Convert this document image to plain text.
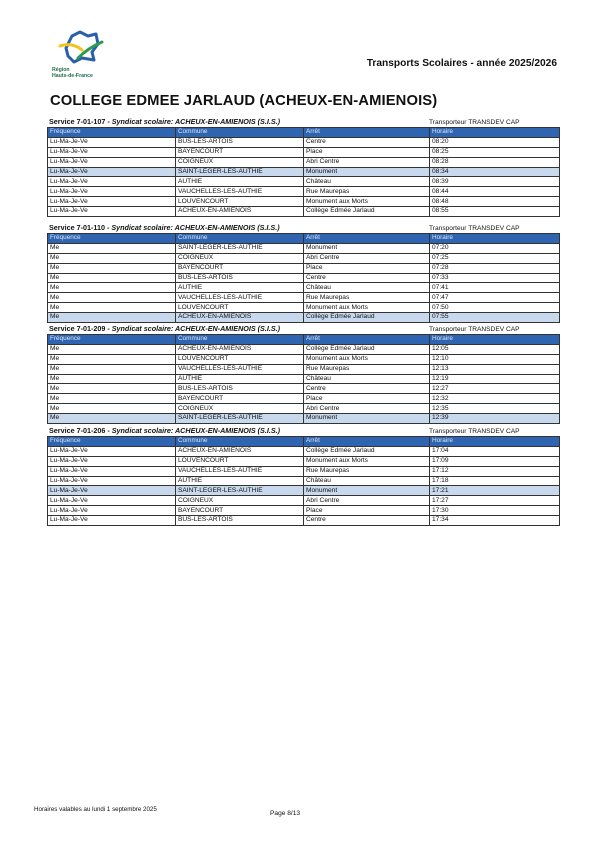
Région
Hauts-de-France
Transports Scolaires - année 2025/2026
COLLEGE EDMEE JARLAUD (ACHEUX-EN-AMIENOIS)
Service 7-01-107 - Syndicat scolaire: ACHEUX-EN-AMIENOIS (S.I.S.)	Transporteur TRANSDEV CAP
Fréquence	Commune	Arrêt	Horaire
Lu-Ma-Je-Ve	BUS-LES-ARTOIS	Centre	08:20
Lu-Ma-Je-Ve	BAYENCOURT	Place	08:25
Lu-Ma-Je-Ve	COIGNEUX	Abri Centre	08:28
Lu-Ma-Je-Ve	SAINT-LEGER-LES-AUTHIE	Monument	08:34
Lu-Ma-Je-Ve	AUTHIE	Château	08:39
Lu-Ma-Je-Ve	VAUCHELLES-LES-AUTHIE	Rue Maurepas	08:44
Lu-Ma-Je-Ve	LOUVENCOURT	Monument aux Morts	08:48
Lu-Ma-Je-Ve	ACHEUX-EN-AMIENOIS	Collège Edmée Jarlaud	08:55
Service 7-01-110 - Syndicat scolaire: ACHEUX-EN-AMIENOIS (S.I.S.)	Transporteur TRANSDEV CAP
Fréquence	Commune	Arrêt	Horaire
Me	SAINT-LEGER-LES-AUTHIE	Monument	07:20
Me	COIGNEUX	Abri Centre	07:25
Me	BAYENCOURT	Place	07:28
Me	BUS-LES-ARTOIS	Centre	07:33
Me	AUTHIE	Château	07:41
Me	VAUCHELLES-LES-AUTHIE	Rue Maurepas	07:47
Me	LOUVENCOURT	Monument aux Morts	07:50
Me	ACHEUX-EN-AMIENOIS	Collège Edmée Jarlaud	07:55
Service 7-01-209 - Syndicat scolaire: ACHEUX-EN-AMIENOIS (S.I.S.)	Transporteur TRANSDEV CAP
Fréquence	Commune	Arrêt	Horaire
Me	ACHEUX-EN-AMIENOIS	Collège Edmée Jarlaud	12:05
Me	LOUVENCOURT	Monument aux Morts	12:10
Me	VAUCHELLES-LES-AUTHIE	Rue Maurepas	12:13
Me	AUTHIE	Château	12:19
Me	BUS-LES-ARTOIS	Centre	12:27
Me	BAYENCOURT	Place	12:32
Me	COIGNEUX	Abri Centre	12:35
Me	SAINT-LEGER-LES-AUTHIE	Monument	12:39
Service 7-01-206 - Syndicat scolaire: ACHEUX-EN-AMIENOIS (S.I.S.)	Transporteur TRANSDEV CAP
Fréquence	Commune	Arrêt	Horaire
Lu-Ma-Je-Ve	ACHEUX-EN-AMIENOIS	Collège Edmée Jarlaud	17:04
Lu-Ma-Je-Ve	LOUVENCOURT	Monument aux Morts	17:09
Lu-Ma-Je-Ve	VAUCHELLES-LES-AUTHIE	Rue Maurepas	17:12
Lu-Ma-Je-Ve	AUTHIE	Château	17:18
Lu-Ma-Je-Ve	SAINT-LEGER-LES-AUTHIE	Monument	17:21
Lu-Ma-Je-Ve	COIGNEUX	Abri Centre	17:27
Lu-Ma-Je-Ve	BAYENCOURT	Place	17:30
Lu-Ma-Je-Ve	BUS-LES-ARTOIS	Centre	17:34
Horaires valables au lundi 1 septembre 2025
Page 8/13
